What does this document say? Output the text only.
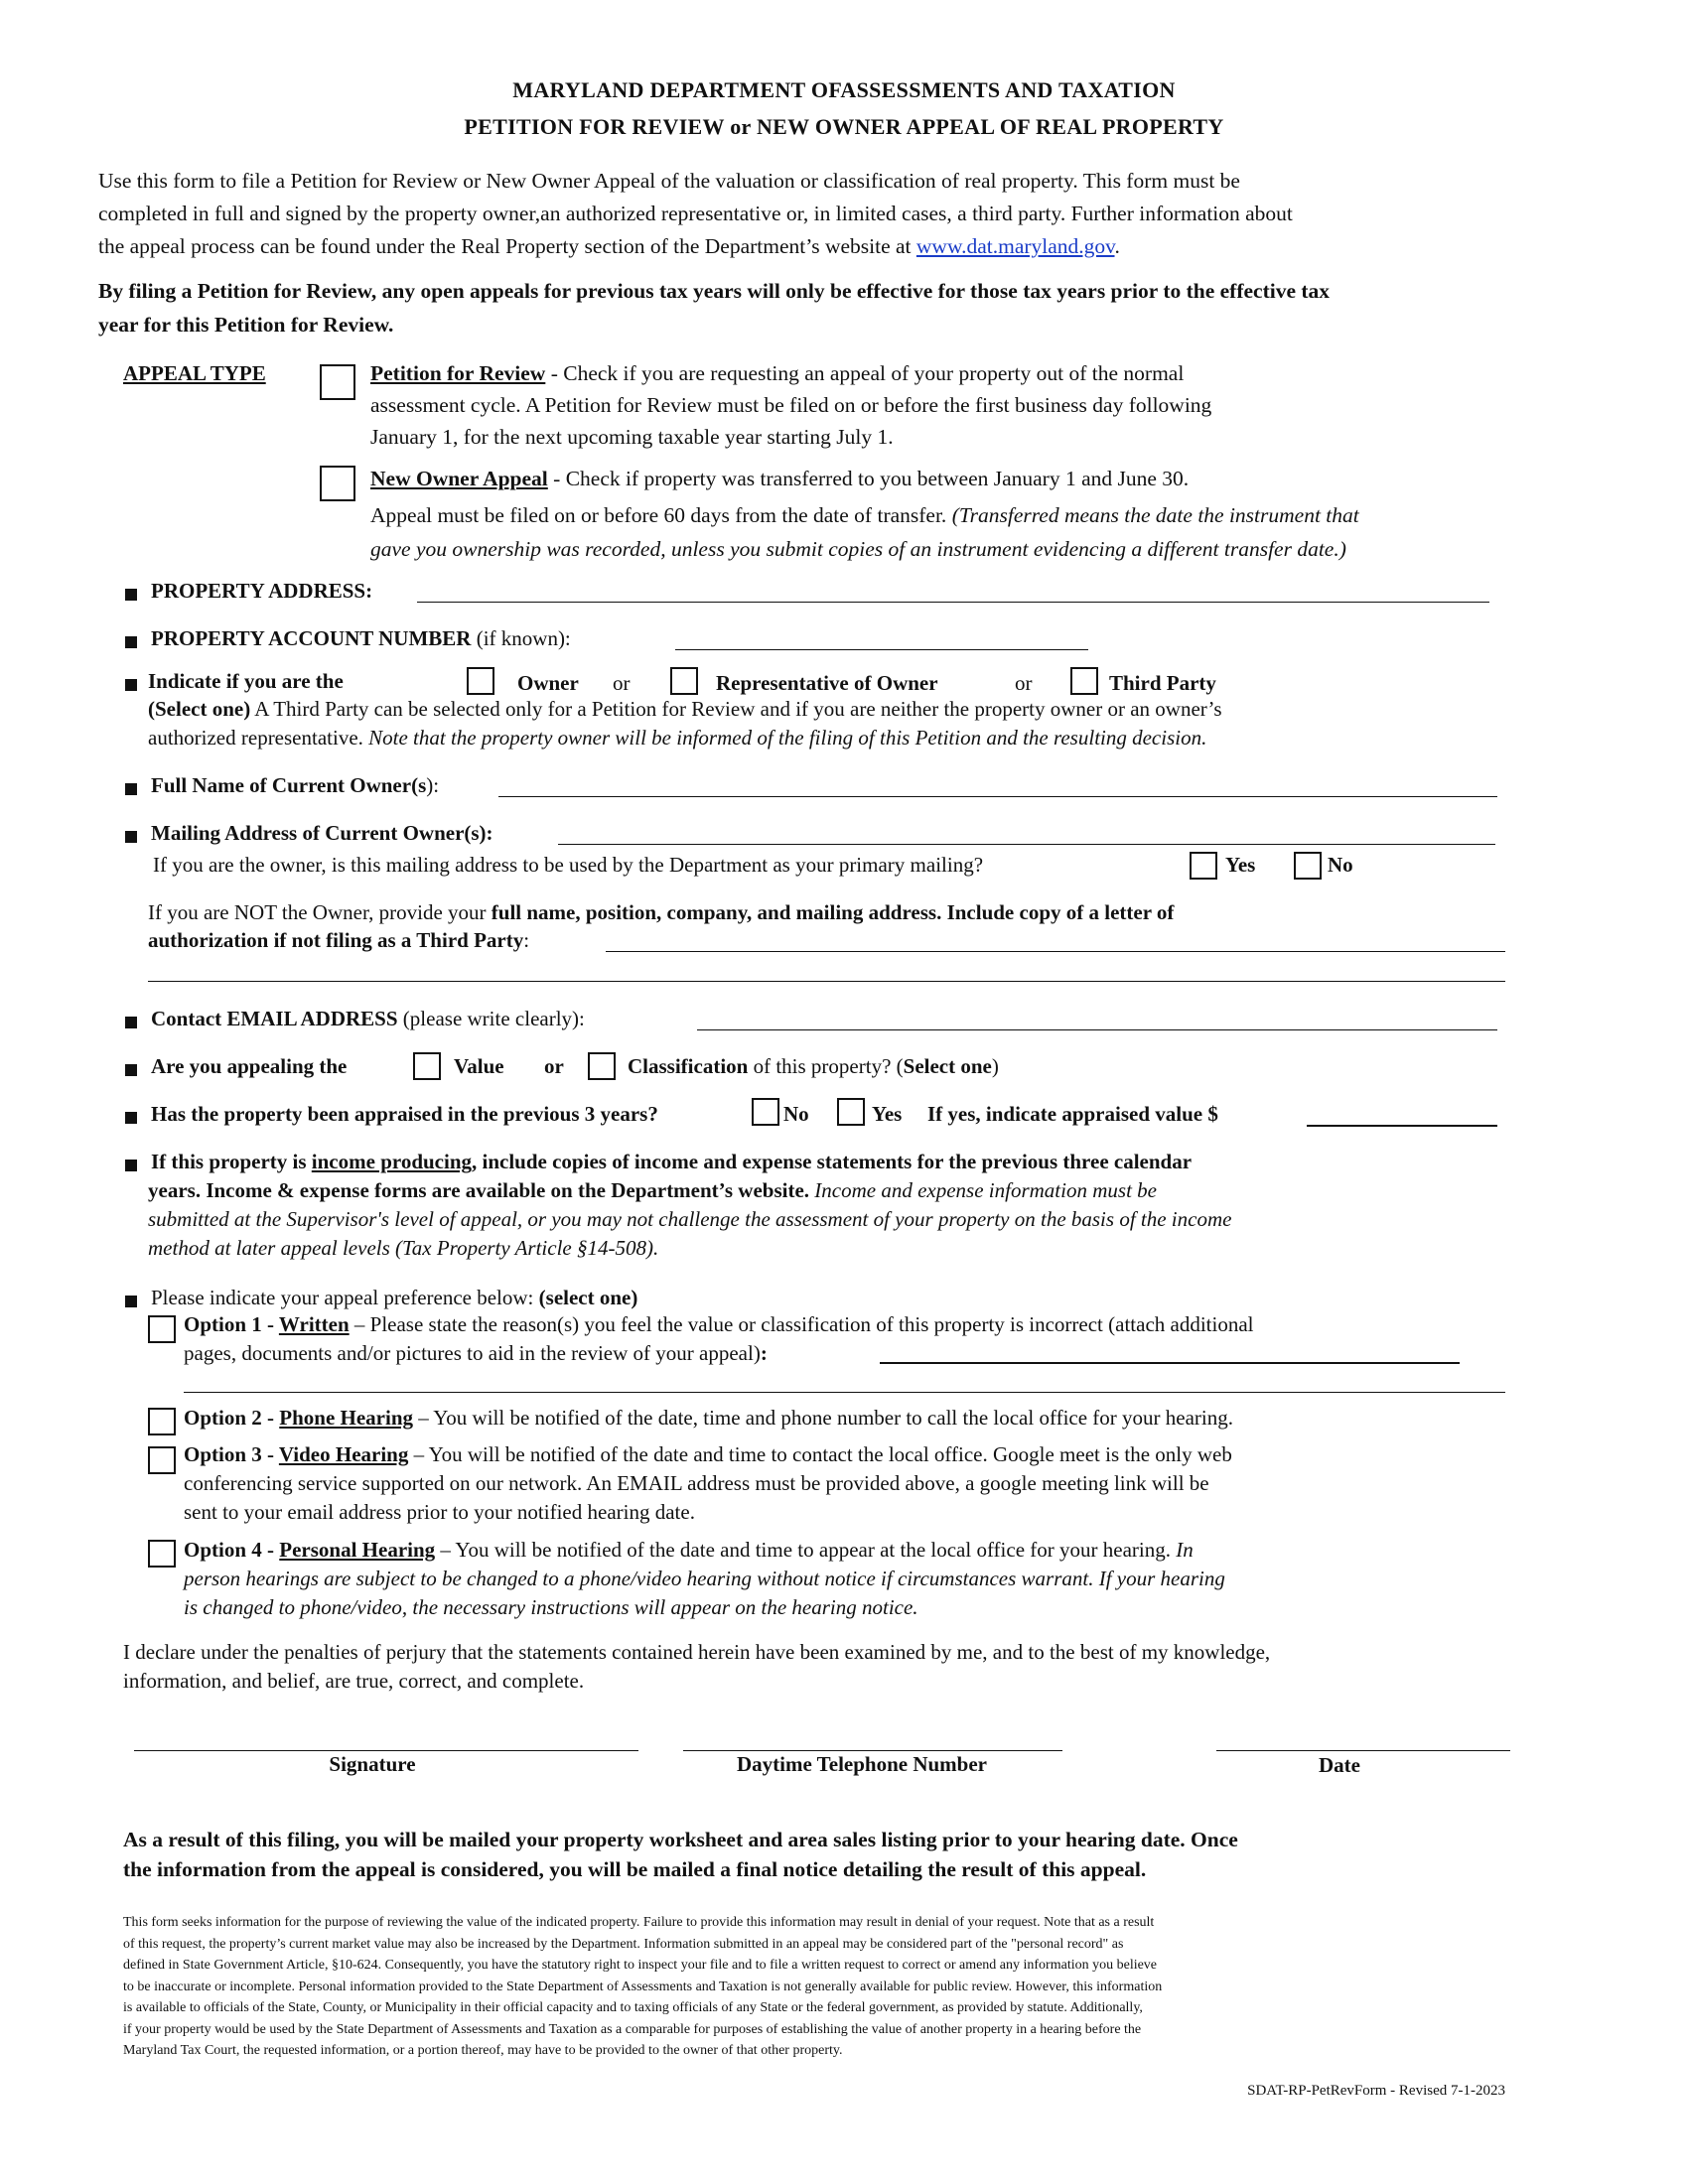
MARYLAND DEPARTMENT OFASSESSMENTS AND TAXATION
PETITION FOR REVIEW or NEW OWNER APPEAL OF REAL PROPERTY
Use this form to file a Petition for Review or New Owner Appeal of the valuation or classification of real property. This form must be
completed in full and signed by the property owner,an authorized representative or, in limited cases, a third party. Further information about
the appeal process can be found under the Real Property section of the Department’s website at www.dat.maryland.gov.
By filing a Petition for Review, any open appeals for previous tax years will only be effective for those tax years prior to the effective tax
year for this Petition for Review.
APPEAL TYPE	Petition for Review - Check if you are requesting an appeal of your property out of the normal
assessment cycle. A Petition for Review must be filed on or before the first business day following
January 1, for the next upcoming taxable year starting July 1.
New Owner Appeal - Check if property was transferred to you between January 1 and June 30.
Appeal must be filed on or before 60 days from the date of transfer. (Transferred means the date the instrument that
gave you ownership was recorded, unless you submit copies of an instrument evidencing a different transfer date.)
PROPERTY ADDRESS:
PROPERTY ACCOUNT NUMBER (if known):
Indicate if you are the	Owner or	Representative of Owner	or	Third Party
(Select one) A Third Party can be selected only for a Petition for Review and if you are neither the property owner or an owner’s
authorized representative. Note that the property owner will be informed of the filing of this Petition and the resulting decision.
Full Name of Current Owner(s):
Mailing Address of Current Owner(s):
If you are the owner, is this mailing address to be used by the Department as your primary mailing?	Yes	No
If you are NOT the Owner, provide your full name, position, company, and mailing address. Include copy of a letter of
authorization if not filing as a Third Party:
Contact EMAIL ADDRESS (please write clearly):
Are you appealing the	Value or	Classification of this property? (Select one)
Has the property been appraised in the previous 3 years?	No	Yes If yes, indicate appraised value $
If this property is income producing, include copies of income and expense statements for the previous three calendar
years. Income & expense forms are available on the Department’s website. Income and expense information must be
submitted at the Supervisor's level of appeal, or you may not challenge the assessment of your property on the basis of the income
method at later appeal levels (Tax Property Article §14-508).
Please indicate your appeal preference below: (select one)
Option 1 - Written – Please state the reason(s) you feel the value or classification of this property is incorrect (attach additional
pages, documents and/or pictures to aid in the review of your appeal):
Option 2 - Phone Hearing – You will be notified of the date, time and phone number to call the local office for your hearing.
Option 3 - Video Hearing – You will be notified of the date and time to contact the local office. Google meet is the only web
conferencing service supported on our network. An EMAIL address must be provided above, a google meeting link will be
sent to your email address prior to your notified hearing date.
Option 4 - Personal Hearing – You will be notified of the date and time to appear at the local office for your hearing. In
person hearings are subject to be changed to a phone/video hearing without notice if circumstances warrant. If your hearing
is changed to phone/video, the necessary instructions will appear on the hearing notice.
I declare under the penalties of perjury that the statements contained herein have been examined by me, and to the best of my knowledge,
information, and belief, are true, correct, and complete.
Signature	Daytime Telephone Number	Date
As a result of this filing, you will be mailed your property worksheet and area sales listing prior to your hearing date. Once
the information from the appeal is considered, you will be mailed a final notice detailing the result of this appeal.
This form seeks information for the purpose of reviewing the value of the indicated property. Failure to provide this information may result in denial of your request. Note that as a result
of this request, the property’s current market value may also be increased by the Department. Information submitted in an appeal may be considered part of the "personal record" as
defined in State Government Article, §10-624. Consequently, you have the statutory right to inspect your file and to file a written request to correct or amend any information you believe
to be inaccurate or incomplete. Personal information provided to the State Department of Assessments and Taxation is not generally available for public review. However, this information
is available to officials of the State, County, or Municipality in their official capacity and to taxing officials of any State or the federal government, as provided by statute. Additionally,
if your property would be used by the State Department of Assessments and Taxation as a comparable for purposes of establishing the value of another property in a hearing before the
Maryland Tax Court, the requested information, or a portion thereof, may have to be provided to the owner of that other property.
SDAT-RP-PetRevForm - Revised 7-1-2023
